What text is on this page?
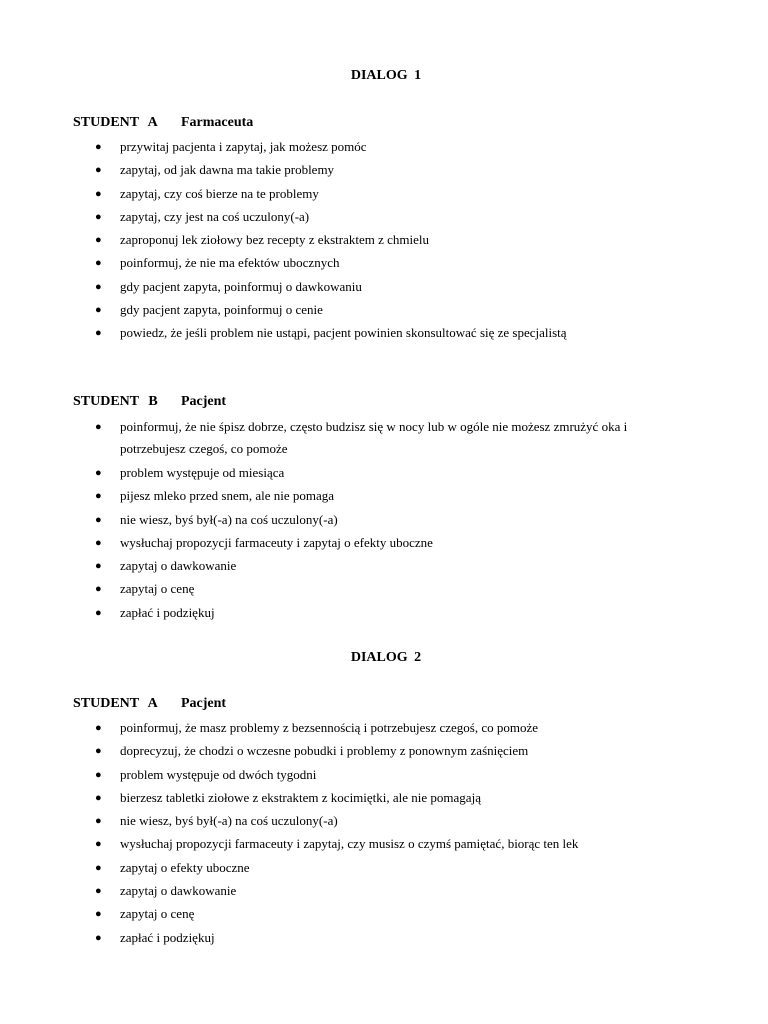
DIALOG 1
STUDENT A Farmaceuta
● przywitaj pacjenta i zapytaj, jak możesz pomóc
● zapytaj, od jak dawna ma takie problemy
● zapytaj, czy coś bierze na te problemy
● zapytaj, czy jest na coś uczulony(-a)
● zaproponuj lek ziołowy bez recepty z ekstraktem z chmielu
● poinformuj, że nie ma efektów ubocznych
● gdy pacjent zapyta, poinformuj o dawkowaniu
● gdy pacjent zapyta, poinformuj o cenie
● powiedz, że jeśli problem nie ustąpi, pacjent powinien skonsultować się ze specjalistą
STUDENT B Pacjent
● poinformuj, że nie śpisz dobrze, często budzisz się w nocy lub w ogóle nie możesz zmrużyć oka i potrzebujesz czegoś, co pomoże
● problem występuje od miesiąca
● pijesz mleko przed snem, ale nie pomaga
● nie wiesz, byś był(-a) na coś uczulony(-a)
● wysłuchaj propozycji farmaceuty i zapytaj o efekty uboczne
● zapytaj o dawkowanie
● zapytaj o cenę
● zapłać i podziękuj
DIALOG 2
STUDENT A Pacjent
● poinformuj, że masz problemy z bezsennością i potrzebujesz czegoś, co pomoże
● doprecyzuj, że chodzi o wczesne pobudki i problemy z ponownym zaśnięciem
● problem występuje od dwóch tygodni
● bierzesz tabletki ziołowe z ekstraktem z kocimiętki, ale nie pomagają
● nie wiesz, byś był(-a) na coś uczulony(-a)
● wysłuchaj propozycji farmaceuty i zapytaj, czy musisz o czymś pamiętać, biorąc ten lek
● zapytaj o efekty uboczne
● zapytaj o dawkowanie
● zapytaj o cenę
● zapłać i podziękuj
